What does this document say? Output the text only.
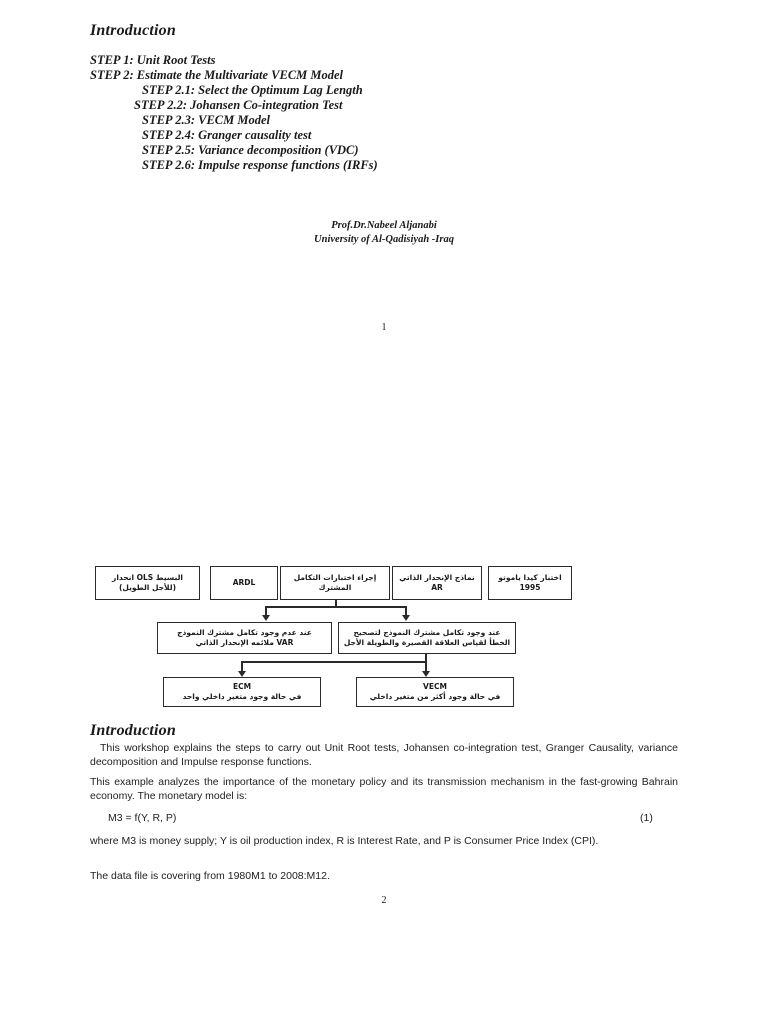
Introduction
STEP 1: Unit Root Tests
STEP 2: Estimate the Multivariate VECM Model
STEP 2.1: Select the Optimum Lag Length
STEP 2.2: Johansen Co-integration Test
STEP 2.3: VECM Model
STEP 2.4: Granger causality test
STEP 2.5: Variance decomposition (VDC)
STEP 2.6: Impulse response functions (IRFs)
Prof.Dr.Nabeel Aljanabi
University of Al-Qadisiyah -Iraq
1
انحدار OLS البسيط
(للأجل الطويل)
ARDL
إجراء اختبارات التكامل
المشترك
نماذج الإنحدار الذاتي
AR
اختبار كيدا ياموتو
1995
عند عدم وجود تكامل مشترك النموذج
ملائمه الإنحدار الذاتي VAR
عند وجود تكامل مشترك النموذج لتصحيح
الخطأ لقياس العلاقة القصيرة والطويلة الأجل
ECM
في حالة وجود متغير داخلي واحد
VECM
في حالة وجود أكثر من متغير داخلي
Introduction
This workshop explains the steps to carry out Unit Root tests, Johansen co-integration test, Granger Causality, variance decomposition and Impulse response functions.
This example analyzes the importance of the monetary policy and its transmission mechanism in the fast-growing Bahrain economy. The monetary model is:
M3 = f(Y, R, P)	(1)
where M3 is money supply; Y is oil production index, R is Interest Rate, and P is Consumer Price Index (CPI).
The data file is covering from 1980M1 to 2008:M12.
2
